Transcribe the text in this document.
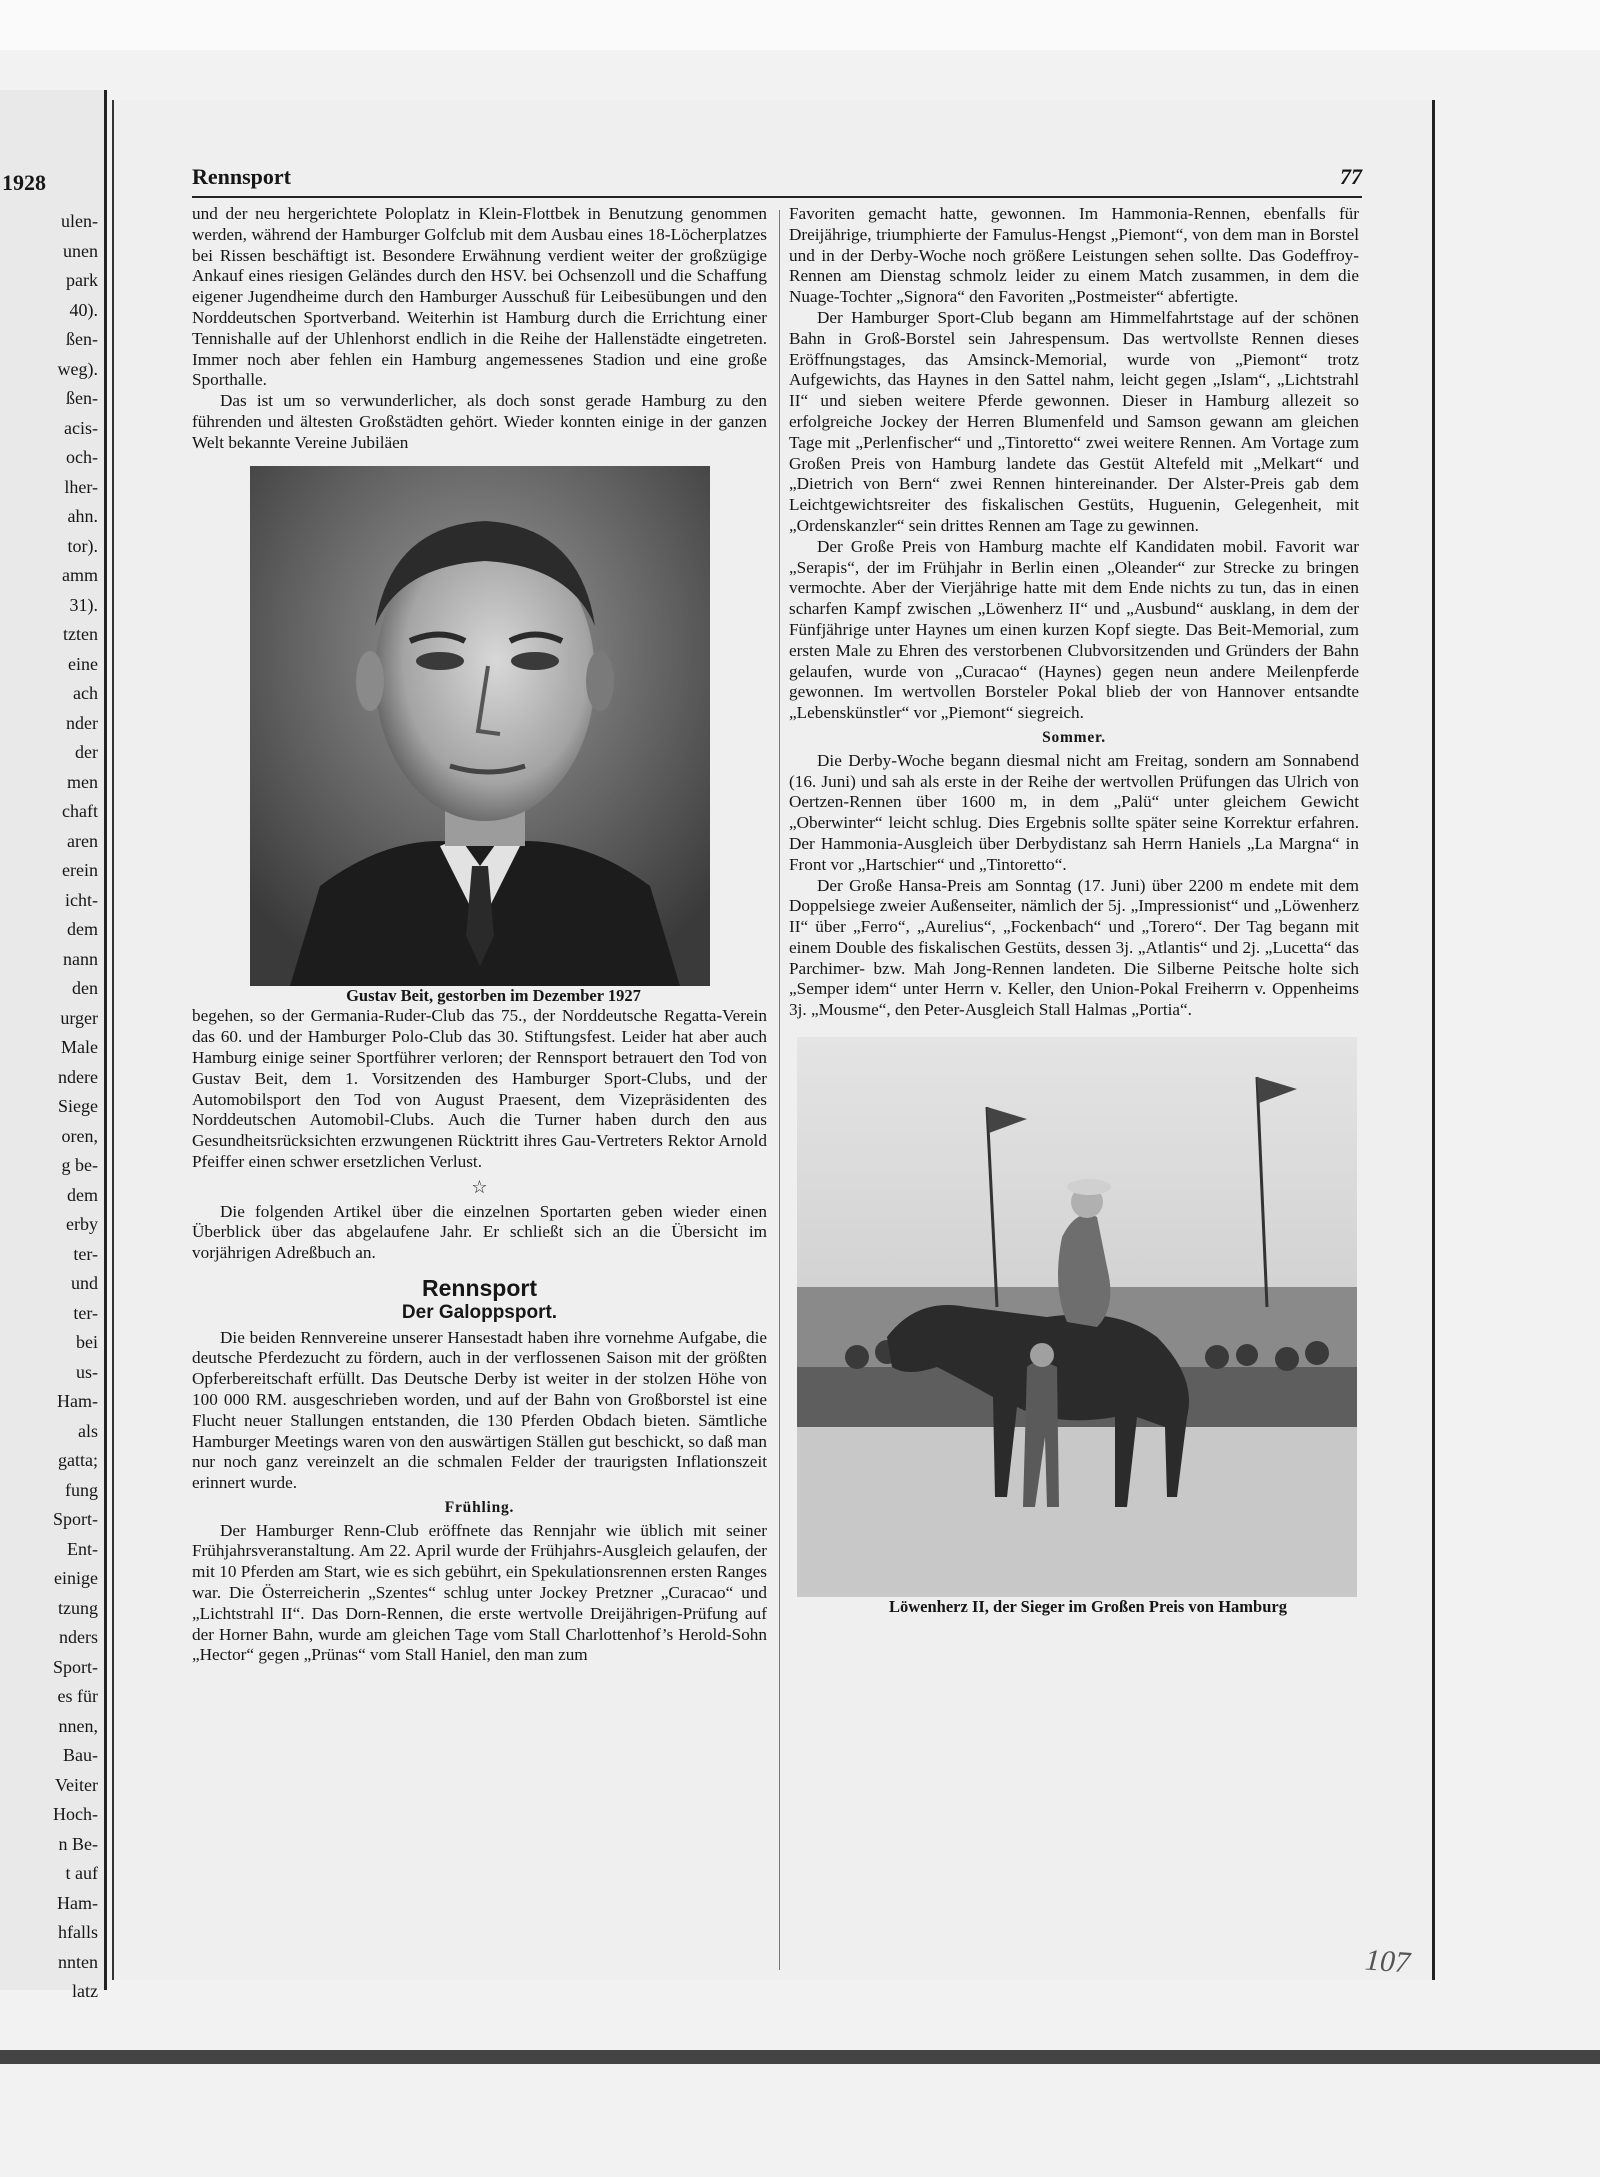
1928
ulen-
unen
park
40).
ßen-
weg).
ßen-
acis-
och-
lher-
ahn.
tor).
amm
31).
tzten
eine
ach
nder
der
men
chaft
aren
erein
icht-
dem
nann
den
urger
Male
ndere
Siege
oren,
g be-
dem
erby
ter-
und
ter-
bei
us-
Ham-
als
gatta;
fung
Sport-
Ent-
einige
tzung
nders
Sport-
es für
nnen,
Bau-
Veiter
Hoch-
n Be-
t auf
Ham-
hfalls
nnten
latz
Rennsport	77

und der neu hergerichtete Poloplatz in Klein-Flottbek in Benutzung genommen werden, während der Hamburger Golfclub mit dem Ausbau eines 18-Löcherplatzes bei Rissen beschäftigt ist. Besondere Erwähnung verdient weiter der großzügige Ankauf eines riesigen Geländes durch den HSV. bei Ochsenzoll und die Schaffung eigener Jugendheime durch den Hamburger Ausschuß für Leibesübungen und den Norddeutschen Sportverband. Weiterhin ist Hamburg durch die Errichtung einer Tennishalle auf der Uhlenhorst endlich in die Reihe der Hallenstädte eingetreten. Immer noch aber fehlen ein Hamburg angemessenes Stadion und eine große Sporthalle.

Das ist um so verwunderlicher, als doch sonst gerade Hamburg zu den führenden und ältesten Großstädten gehört. Wieder konnten einige in der ganzen Welt bekannte Vereine Jubiläen

Gustav Beit, gestorben im Dezember 1927

begehen, so der Germania-Ruder-Club das 75., der Norddeutsche Regatta-Verein das 60. und der Hamburger Polo-Club das 30. Stiftungsfest. Leider hat aber auch Hamburg einige seiner Sportführer verloren; der Rennsport betrauert den Tod von Gustav Beit, dem 1. Vorsitzenden des Hamburger Sport-Clubs, und der Automobilsport den Tod von August Praesent, dem Vizepräsidenten des Norddeutschen Automobil-Clubs. Auch die Turner haben durch den aus Gesundheitsrücksichten erzwungenen Rücktritt ihres Gau-Vertreters Rektor Arnold Pfeiffer einen schwer ersetzlichen Verlust.

☆

Die folgenden Artikel über die einzelnen Sportarten geben wieder einen Überblick über das abgelaufene Jahr. Er schließt sich an die Übersicht im vorjährigen Adreßbuch an.

Rennsport
Der Galoppsport.

Die beiden Rennvereine unserer Hansestadt haben ihre vornehme Aufgabe, die deutsche Pferdezucht zu fördern, auch in der verflossenen Saison mit der größten Opferbereitschaft erfüllt. Das Deutsche Derby ist weiter in der stolzen Höhe von 100 000 RM. ausgeschrieben worden, und auf der Bahn von Großborstel ist eine Flucht neuer Stallungen entstanden, die 130 Pferden Obdach bieten. Sämtliche Hamburger Meetings waren von den auswärtigen Ställen gut beschickt, so daß man nur noch ganz vereinzelt an die schmalen Felder der traurigsten Inflationszeit erinnert wurde.

Frühling.

Der Hamburger Renn-Club eröffnete das Rennjahr wie üblich mit seiner Frühjahrsveranstaltung. Am 22. April wurde der Frühjahrs-Ausgleich gelaufen, der mit 10 Pferden am Start, wie es sich gebührt, ein Spekulationsrennen ersten Ranges war. Die Österreicherin „Szentes“ schlug unter Jockey Pretzner „Curacao“ und „Lichtstrahl II“. Das Dorn-Rennen, die erste wertvolle Dreijährigen-Prüfung auf der Horner Bahn, wurde am gleichen Tage vom Stall Charlottenhof’s Herold-Sohn „Hector“ gegen „Prünas“ vom Stall Haniel, den man zum

Favoriten gemacht hatte, gewonnen. Im Hammonia-Rennen, ebenfalls für Dreijährige, triumphierte der Famulus-Hengst „Piemont“, von dem man in Borstel und in der Derby-Woche noch größere Leistungen sehen sollte. Das Godeffroy-Rennen am Dienstag schmolz leider zu einem Match zusammen, in dem die Nuage-Tochter „Signora“ den Favoriten „Postmeister“ abfertigte.

Der Hamburger Sport-Club begann am Himmelfahrtstage auf der schönen Bahn in Groß-Borstel sein Jahrespensum. Das wertvollste Rennen dieses Eröffnungstages, das Amsinck-Memorial, wurde von „Piemont“ trotz Aufgewichts, das Haynes in den Sattel nahm, leicht gegen „Islam“, „Lichtstrahl II“ und sieben weitere Pferde gewonnen. Dieser in Hamburg allezeit so erfolgreiche Jockey der Herren Blumenfeld und Samson gewann am gleichen Tage mit „Perlenfischer“ und „Tintoretto“ zwei weitere Rennen. Am Vortage zum Großen Preis von Hamburg landete das Gestüt Altefeld mit „Melkart“ und „Dietrich von Bern“ zwei Rennen hintereinander. Der Alster-Preis gab dem Leichtgewichtsreiter des fiskalischen Gestüts, Huguenin, Gelegenheit, mit „Ordenskanzler“ sein drittes Rennen am Tage zu gewinnen.

Der Große Preis von Hamburg machte elf Kandidaten mobil. Favorit war „Serapis“, der im Frühjahr in Berlin einen „Oleander“ zur Strecke zu bringen vermochte. Aber der Vierjährige hatte mit dem Ende nichts zu tun, das in einen scharfen Kampf zwischen „Löwenherz II“ und „Ausbund“ ausklang, in dem der Fünfjährige unter Haynes um einen kurzen Kopf siegte. Das Beit-Memorial, zum ersten Male zu Ehren des verstorbenen Clubvorsitzenden und Gründers der Bahn gelaufen, wurde von „Curacao“ (Haynes) gegen neun andere Meilenpferde gewonnen. Im wertvollen Borsteler Pokal blieb der von Hannover entsandte „Lebenskünstler“ vor „Piemont“ siegreich.

Sommer.

Die Derby-Woche begann diesmal nicht am Freitag, sondern am Sonnabend (16. Juni) und sah als erste in der Reihe der wertvollen Prüfungen das Ulrich von Oertzen-Rennen über 1600 m, in dem „Palü“ unter gleichem Gewicht „Oberwinter“ leicht schlug. Dies Ergebnis sollte später seine Korrektur erfahren. Der Hammonia-Ausgleich über Derbydistanz sah Herrn Haniels „La Margna“ in Front vor „Hartschier“ und „Tintoretto“.

Der Große Hansa-Preis am Sonntag (17. Juni) über 2200 m endete mit dem Doppelsiege zweier Außenseiter, nämlich der 5j. „Impressionist“ und „Löwenherz II“ über „Ferro“, „Aurelius“, „Fockenbach“ und „Torero“. Der Tag begann mit einem Double des fiskalischen Gestüts, dessen 3j. „Atlantis“ und 2j. „Lucetta“ das Parchimer- bzw. Mah Jong-Rennen landeten. Die Silberne Peitsche holte sich „Semper idem“ unter Herrn v. Keller, den Union-Pokal Freiherrn v. Oppenheims 3j. „Mousme“, den Peter-Ausgleich Stall Halmas „Portia“.

Löwenherz II, der Sieger im Großen Preis von Hamburg

107
